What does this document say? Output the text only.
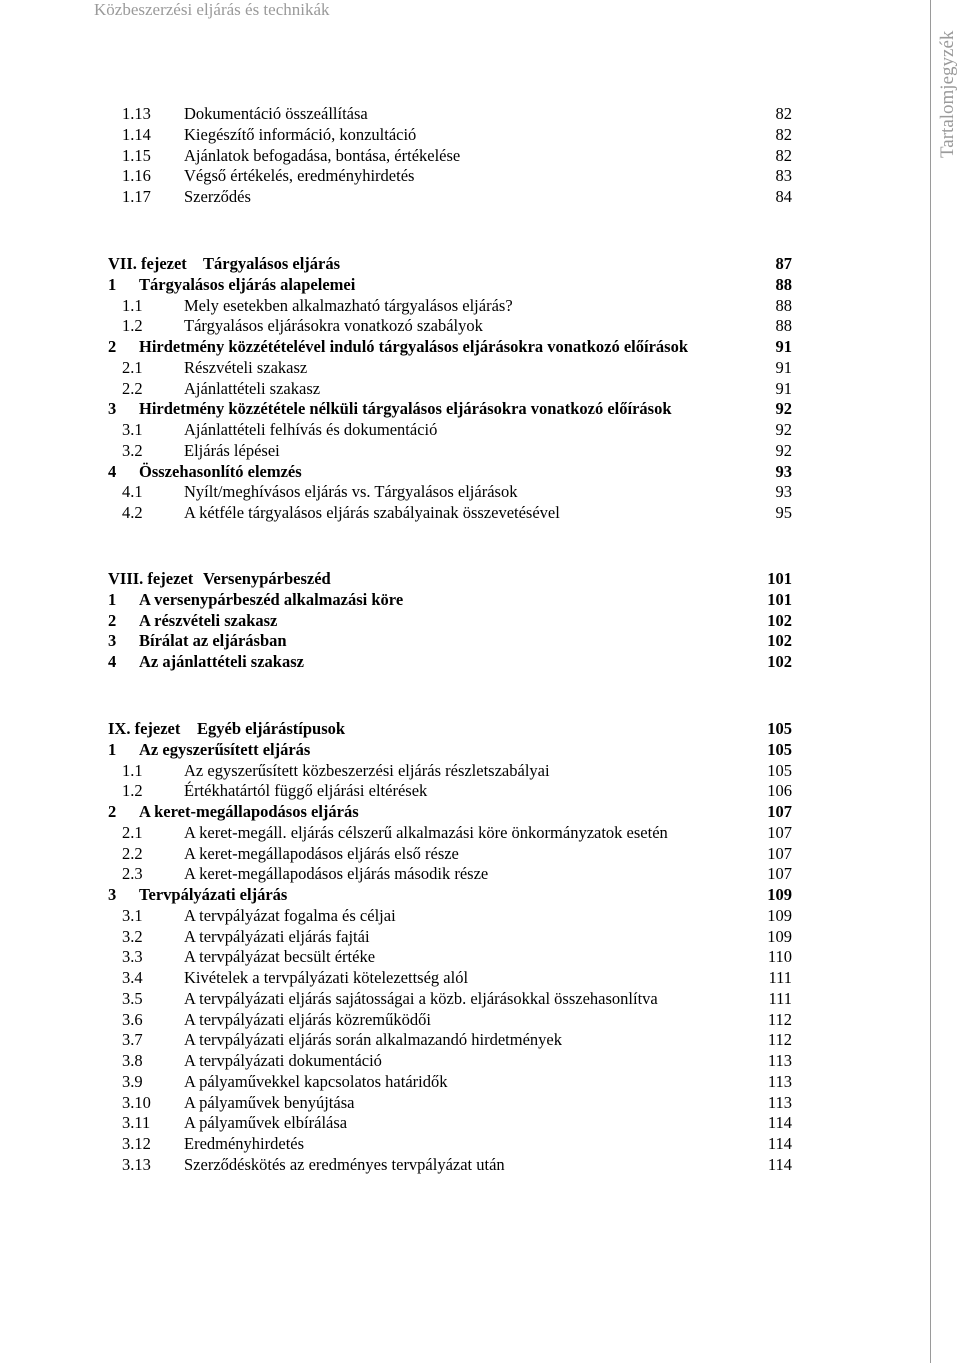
Közbeszerzési eljárás és technikák
Tartalomjegyzék
1.13 Dokumentáció összeállítása	82
1.14 Kiegészítő információ, konzultáció	82
1.15 Ajánlatok befogadása, bontása, értékelése	82
1.16 Végső értékelés, eredményhirdetés	83
1.17 Szerződés	84
VII. fejezet Tárgyalásos eljárás	87
1 Tárgyalásos eljárás alapelemei	88
1.1	Mely esetekben alkalmazható tárgyalásos eljárás?	88
1.2	Tárgyalásos eljárásokra vonatkozó szabályok	88
2 Hirdetmény közzétételével induló tárgyalásos eljárásokra vonatkozó előírások	91
2.1	Részvételi szakasz	91
2.2	Ajánlattételi szakasz	91
3 Hirdetmény közzététele nélküli tárgyalásos eljárásokra vonatkozó előírások	92
3.1	Ajánlattételi felhívás és dokumentáció	92
3.2	Eljárás lépései	92
4 Összehasonlító elemzés	93
4.1	Nyílt/meghívásos eljárás vs. Tárgyalásos eljárások	93
4.2	A kétféle tárgyalásos eljárás szabályainak összevetésével	95
VIII. fejezet Versenypárbeszéd	101
1 A versenypárbeszéd alkalmazási köre	101
2 A részvételi szakasz	102
3 Bírálat az eljárásban	102
4 Az ajánlattételi szakasz	102
IX. fejezet Egyéb eljárástípusok	105
1 Az egyszerűsített eljárás	105
1.1	Az egyszerűsített közbeszerzési eljárás részletszabályai	105
1.2	Értékhatártól függő eljárási eltérések	106
2 A keret-megállapodásos eljárás	107
2.1	A keret-megáll. eljárás célszerű alkalmazási köre önkormányzatok esetén	107
2.2	A keret-megállapodásos eljárás első része	107
2.3	A keret-megállapodásos eljárás második része	107
3 Tervpályázati eljárás	109
3.1	A tervpályázat fogalma és céljai	109
3.2	A tervpályázati eljárás fajtái	109
3.3	A tervpályázat becsült értéke	110
3.4	Kivételek a tervpályázati kötelezettség alól	111
3.5	A tervpályázati eljárás sajátosságai a közb. eljárásokkal összehasonlítva	111
3.6	A tervpályázati eljárás közreműködői	112
3.7	A tervpályázati eljárás során alkalmazandó hirdetmények	112
3.8	A tervpályázati dokumentáció	113
3.9	A pályaművekkel kapcsolatos határidők	113
3.10 A pályaművek benyújtása	113
3.11 A pályaművek elbírálása	114
3.12 Eredményhirdetés	114
3.13 Szerződéskötés az eredményes tervpályázat után	114
